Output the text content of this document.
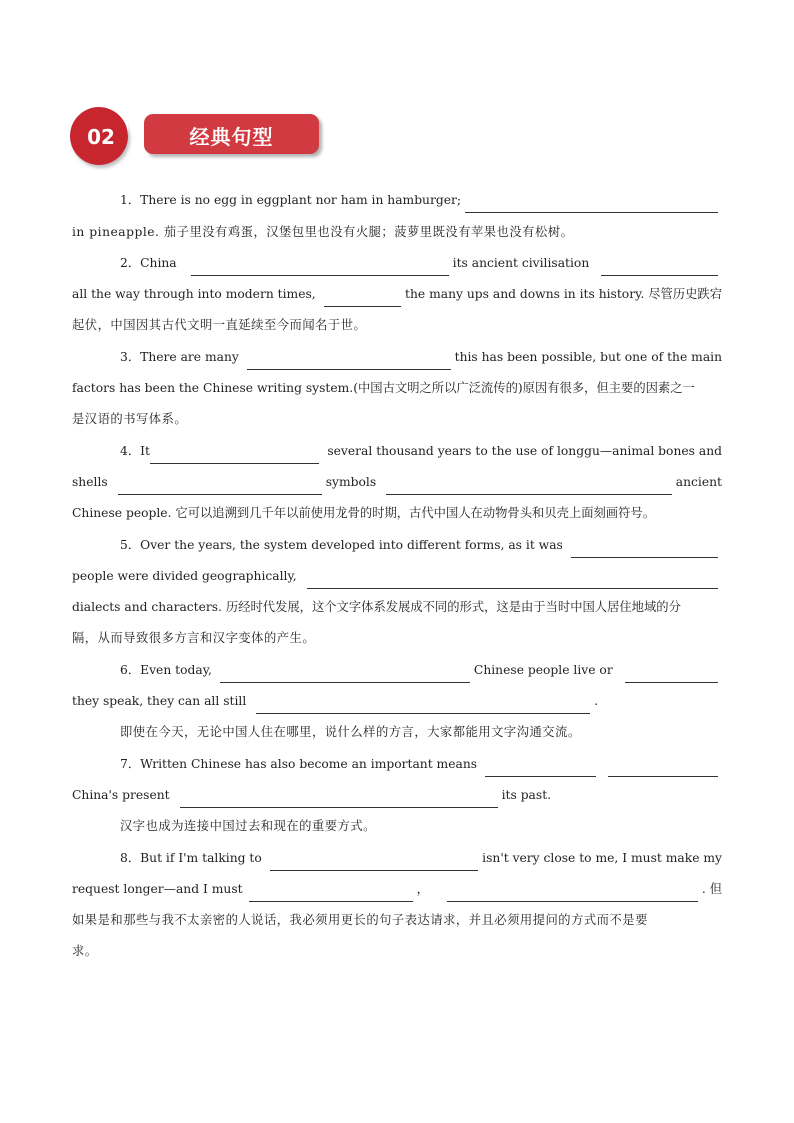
02	经典句型
1．There is no egg in eggplant nor ham in hamburger;
in pineapple. 茄子里没有鸡蛋，汉堡包里也没有火腿；菠萝里既没有苹果也没有松树。
2．China	its ancient civilisation
all the way through into modern times,	the many ups and downs in its history. 尽管历史跌宕
起伏，中国因其古代文明一直延续至今而闻名于世。
3．There are many	this has been possible, but one of the main
factors has been the Chinese writing system.(中国古文明之所以广泛流传的)原因有很多，但主要的因素之一
是汉语的书写体系。
4．It	several thousand years to the use of longgu—animal bones and
shells	symbols	ancient
Chinese people. 它可以追溯到几千年以前使用龙骨的时期，古代中国人在动物骨头和贝壳上面刻画符号。
5．Over the years, the system developed into different forms, as it was
people were divided geographically,
dialects and characters. 历经时代发展，这个文字体系发展成不同的形式，这是由于当时中国人居住地域的分
隔，从而导致很多方言和汉字变体的产生。
6．Even today,	Chinese people live or
they speak, they can all still	.
即使在今天，无论中国人住在哪里，说什么样的方言，大家都能用文字沟通交流。
7．Written Chinese has also become an important means
China's present	its past.
汉字也成为连接中国过去和现在的重要方式。
8．But if I'm talking to	isn't very close to me, I must make my
request longer—and I must	，	. 但
如果是和那些与我不太亲密的人说话，我必须用更长的句子表达请求，并且必须用提问的方式而不是要
求。
